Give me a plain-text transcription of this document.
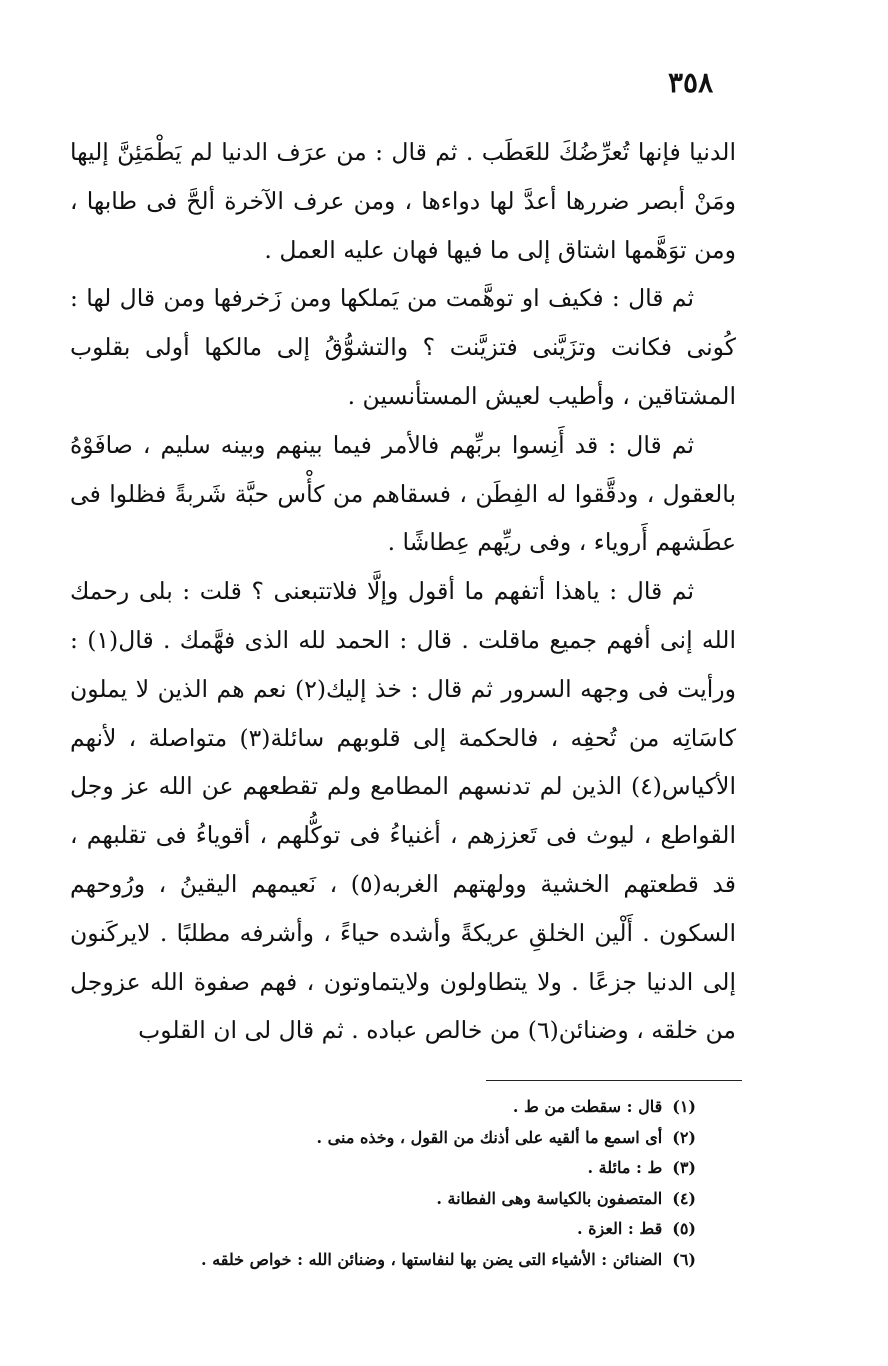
٣٥٨

الدنيا فإنها تُعرِّضُكَ للعَطَب . ثم قال : من عرَف الدنيا لم يَطْمَئِنَّ إليها ومَنْ أبصر ضررها أعدَّ لها دواءها ، ومن عرف الآخرة ألحَّ فى طابها ، ومن توَهَّمها اشتاق إلى ما فيها فهان عليه العمل .

ثم قال : فكيف او توهَّمت من يَملكها ومن زَخرفها ومن قال لها : كُونى فكانت وتزَيَّنى فتزيَّنت ؟ والتشوُّقُ إلى مالكها أولى بقلوب المشتاقين ، وأطيب لعيش المستأنسين .

ثم قال : قد أَنِسوا بربِّهم فالأمر فيما بينهم وبينه سليم ، صافَوْهُ بالعقول ، ودقَّقوا له الفِطَن ، فسقاهم من كأْس حبَّة شَربةً فظلوا فى عطَشهم أَروياء ، وفى ريِّهم عِطاشًا .

ثم قال : ياهذا أتفهم ما أقول وإلَّا فلاتتبعنى ؟ قلت : بلى رحمك الله إنى أفهم جميع ماقلت . قال : الحمد لله الذى فهَّمك . قال(١) : ورأيت فى وجهه السرور ثم قال : خذ إليك(٢) نعم هم الذين لا يملون كاسَاتِه من تُحفِه ، فالحكمة إلى قلوبهم سائلة(٣) متواصلة ، لأنهم الأكياس(٤) الذين لم تدنسهم المطامع ولم تقطعهم عن الله عز وجل القواطع ، ليوث فى تَعززهم ، أغنياءُ فى توكُّلهم ، أقوياءُ فى تقلبهم ، قد قطعتهم الخشية وولهتهم الغربه(٥) ، نَعيمهم اليقينُ ، ورُوحهم السكون . أَلْين الخلقِ عريكةً وأشده حياءً ، وأشرفه مطلبًا . لايركَنون إلى الدنيا جزعًا . ولا يتطاولون ولايتماوتون ، فهم صفوة الله عزوجل من خلقه ، وضنائن(٦) من خالص عباده . ثم قال لى ان القلوب

(١)قال : سقطت من ط .
(٢)أى اسمع ما ألقيه على أذنك من القول ، وخذه منى .
(٣)ط : مائلة .
(٤)المتصفون بالكياسة وهى الفطانة .
(٥)قط : العزة .
(٦)الضنائن : الأشياء التى يضن بها لنفاستها ، وضنائن الله : خواص خلقه .
